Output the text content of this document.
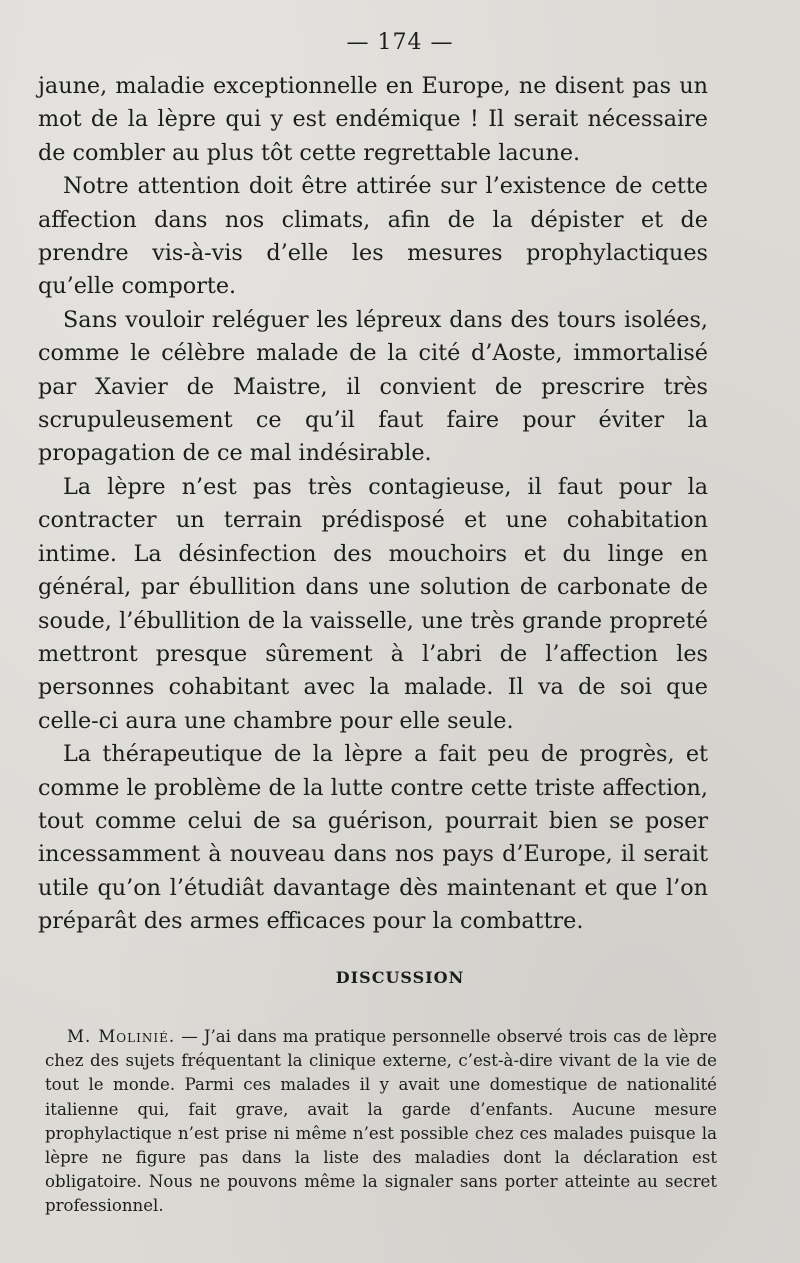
— 174 —

jaune, maladie exceptionnelle en Europe, ne disent pas un mot de la lèpre qui y est endémique ! Il serait nécessaire de combler au plus tôt cette regrettable lacune.

Notre attention doit être attirée sur l’existence de cette affection dans nos climats, afin de la dépister et de prendre vis-à-vis d’elle les mesures prophylactiques qu’elle comporte.

Sans vouloir reléguer les lépreux dans des tours isolées, comme le célèbre malade de la cité d’Aoste, immortalisé par Xavier de Maistre, il convient de prescrire très scrupuleusement ce qu’il faut faire pour éviter la propagation de ce mal indésirable.

La lèpre n’est pas très contagieuse, il faut pour la contracter un terrain prédisposé et une cohabitation intime. La désinfection des mouchoirs et du linge en général, par ébullition dans une solution de carbonate de soude, l’ébullition de la vaisselle, une très grande propreté mettront presque sûrement à l’abri de l’affection les personnes cohabitant avec la malade. Il va de soi que celle-ci aura une chambre pour elle seule.

La thérapeutique de la lèpre a fait peu de progrès, et comme le problème de la lutte contre cette triste affection, tout comme celui de sa guérison, pourrait bien se poser incessamment à nouveau dans nos pays d’Europe, il serait utile qu’on l’étudiât davantage dès maintenant et que l’on préparât des armes efficaces pour la combattre.

DISCUSSION

M. Molinié. — J’ai dans ma pratique personnelle observé trois cas de lèpre chez des sujets fréquentant la clinique externe, c’est-à-dire vivant de la vie de tout le monde. Parmi ces malades il y avait une domestique de nationalité italienne qui, fait grave, avait la garde d’enfants. Aucune mesure prophylactique n’est prise ni même n’est possible chez ces malades puisque la lèpre ne figure pas dans la liste des maladies dont la déclaration est obligatoire. Nous ne pouvons même la signaler sans porter atteinte au secret professionnel.
